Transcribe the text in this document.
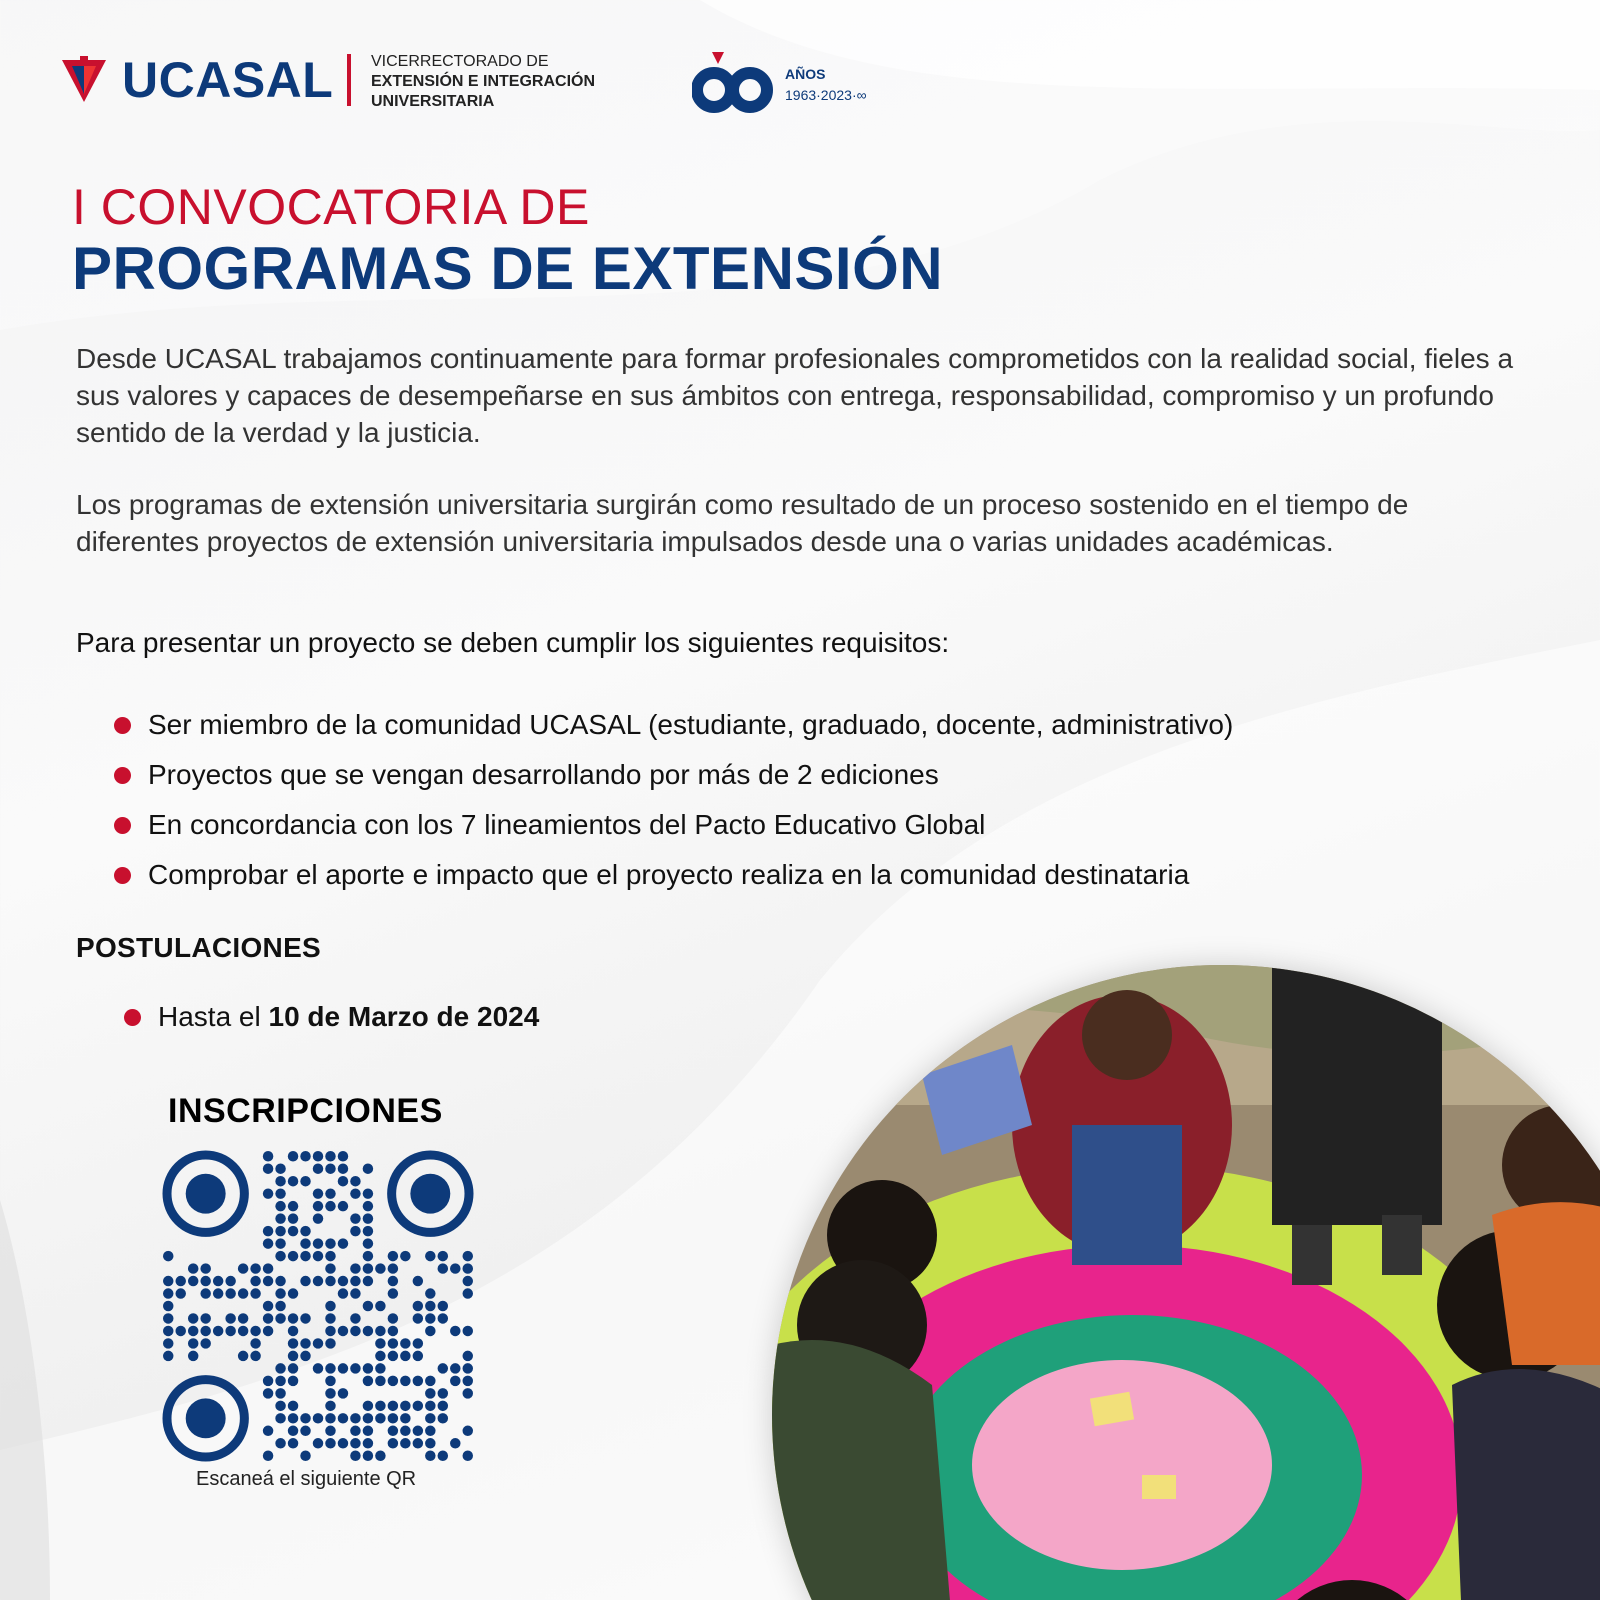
UCASAL VICERRECTORADO DE
EXTENSIÓN E INTEGRACIÓN
UNIVERSITARIA
AÑOS
1963·2023·∞
I CONVOCATORIA DE
PROGRAMAS DE EXTENSIÓN

Desde UCASAL trabajamos continuamente para formar profesionales comprometidos con la realidad social, fieles a sus valores y capaces de desempeñarse en sus ámbitos con entrega, responsabilidad, compromiso y un profundo sentido de la verdad y la justicia.

Los programas de extensión universitaria surgirán como resultado de un proceso sostenido en el tiempo de diferentes proyectos de extensión universitaria impulsados desde una o varias unidades académicas.

Para presentar un proyecto se deben cumplir los siguientes requisitos:

Ser miembro de la comunidad UCASAL (estudiante, graduado, docente, administrativo)
Proyectos que se vengan desarrollando por más de 2 ediciones
En concordancia con los 7 lineamientos del Pacto Educativo Global
Comprobar el aporte e impacto que el proyecto realiza en la comunidad destinataria
POSTULACIONES
Hasta el 10 de Marzo de 2024
INSCRIPCIONES
Escaneá el siguiente QR
